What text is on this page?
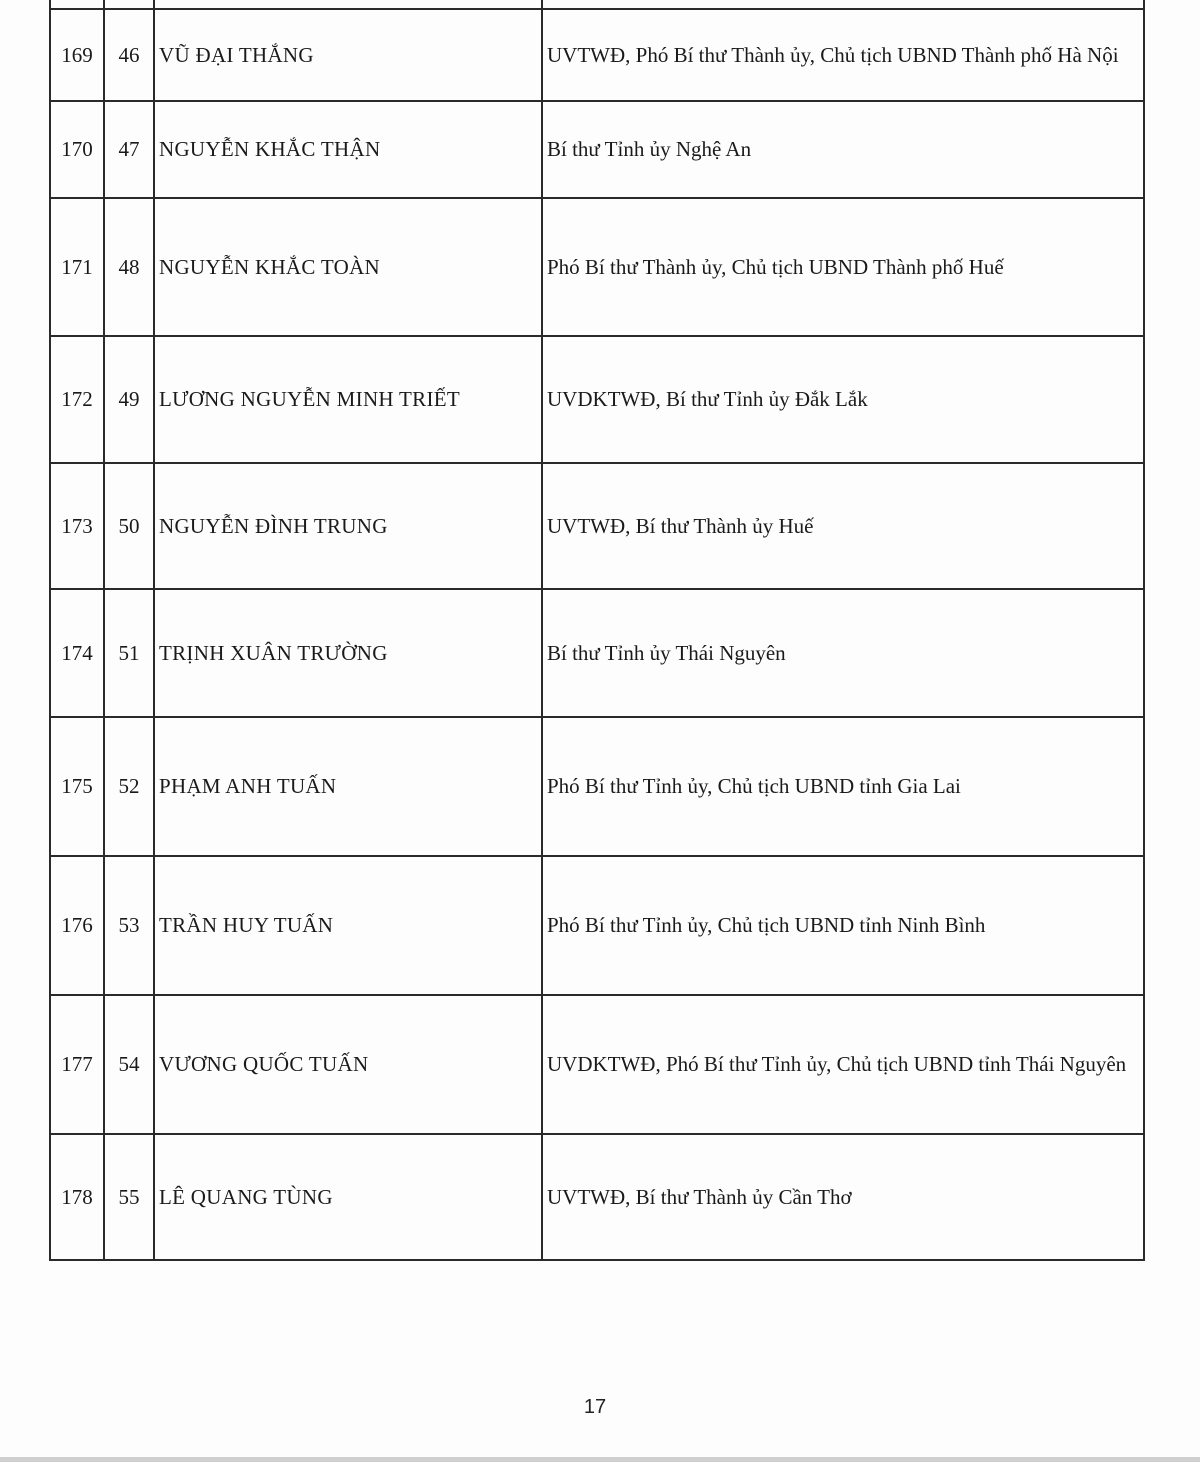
169	46	VŨ ĐẠI THẮNG	UVTWĐ, Phó Bí thư Thành ủy, Chủ tịch UBND Thành phố Hà Nội
170	47	NGUYỄN KHẮC THẬN	Bí thư Tỉnh ủy Nghệ An
171	48	NGUYỄN KHẮC TOÀN	Phó Bí thư Thành ủy, Chủ tịch UBND Thành phố Huế
172	49	LƯƠNG NGUYỄN MINH TRIẾT	UVDKTWĐ, Bí thư Tỉnh ủy Đắk Lắk
173	50	NGUYỄN ĐÌNH TRUNG	UVTWĐ, Bí thư Thành ủy Huế
174	51	TRỊNH XUÂN TRƯỜNG	Bí thư Tỉnh ủy Thái Nguyên
175	52	PHẠM ANH TUẤN	Phó Bí thư Tỉnh ủy, Chủ tịch UBND tỉnh Gia Lai
176	53	TRẦN HUY TUẤN	Phó Bí thư Tỉnh ủy, Chủ tịch UBND tỉnh Ninh Bình
177	54	VƯƠNG QUỐC TUẤN	UVDKTWĐ, Phó Bí thư Tỉnh ủy, Chủ tịch UBND tỉnh Thái Nguyên
178	55	LÊ QUANG TÙNG	UVTWĐ, Bí thư Thành ủy Cần Thơ
17
